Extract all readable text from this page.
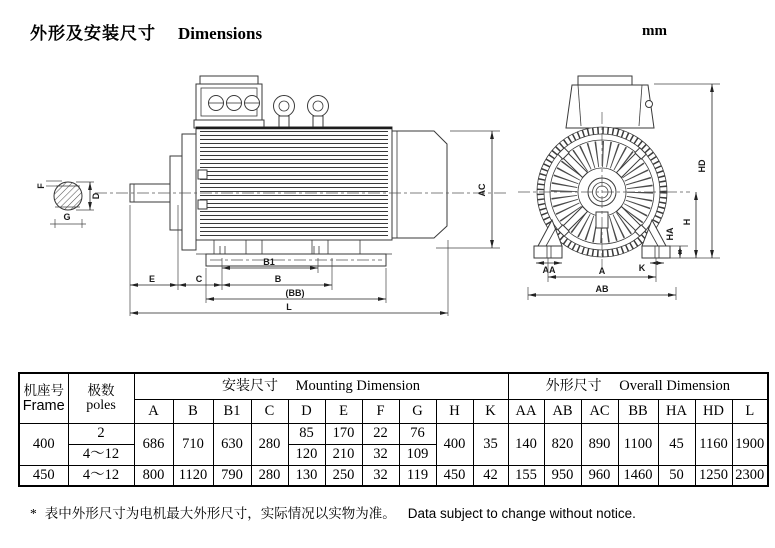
外形及安装尺寸 Dimensions	mm
F
D
G
E	C	B
B1
(BB)
L
AC
HD
H
HA
AA	K
A
AB
机座号
Frame	极数
poles	安装尺寸 Mounting Dimension										外形尺寸 Overall Dimension						
		A	B	B1	C	D	E	F	G	H	K	AA	AB	AC	BB	HA	HD	L
400	2	686	710	630	280	85	170	22	76	400	35	140	820	890	1100	45	1160	1900
	4～12					120	210	32	109									
450	4～12	800	1120	790	280	130	250	32	119	450	42	155	950	960	1460	50	1250	2300
* 表中外形尺寸为电机最大外形尺寸，实际情况以实物为准。 Data subject to change without notice.
